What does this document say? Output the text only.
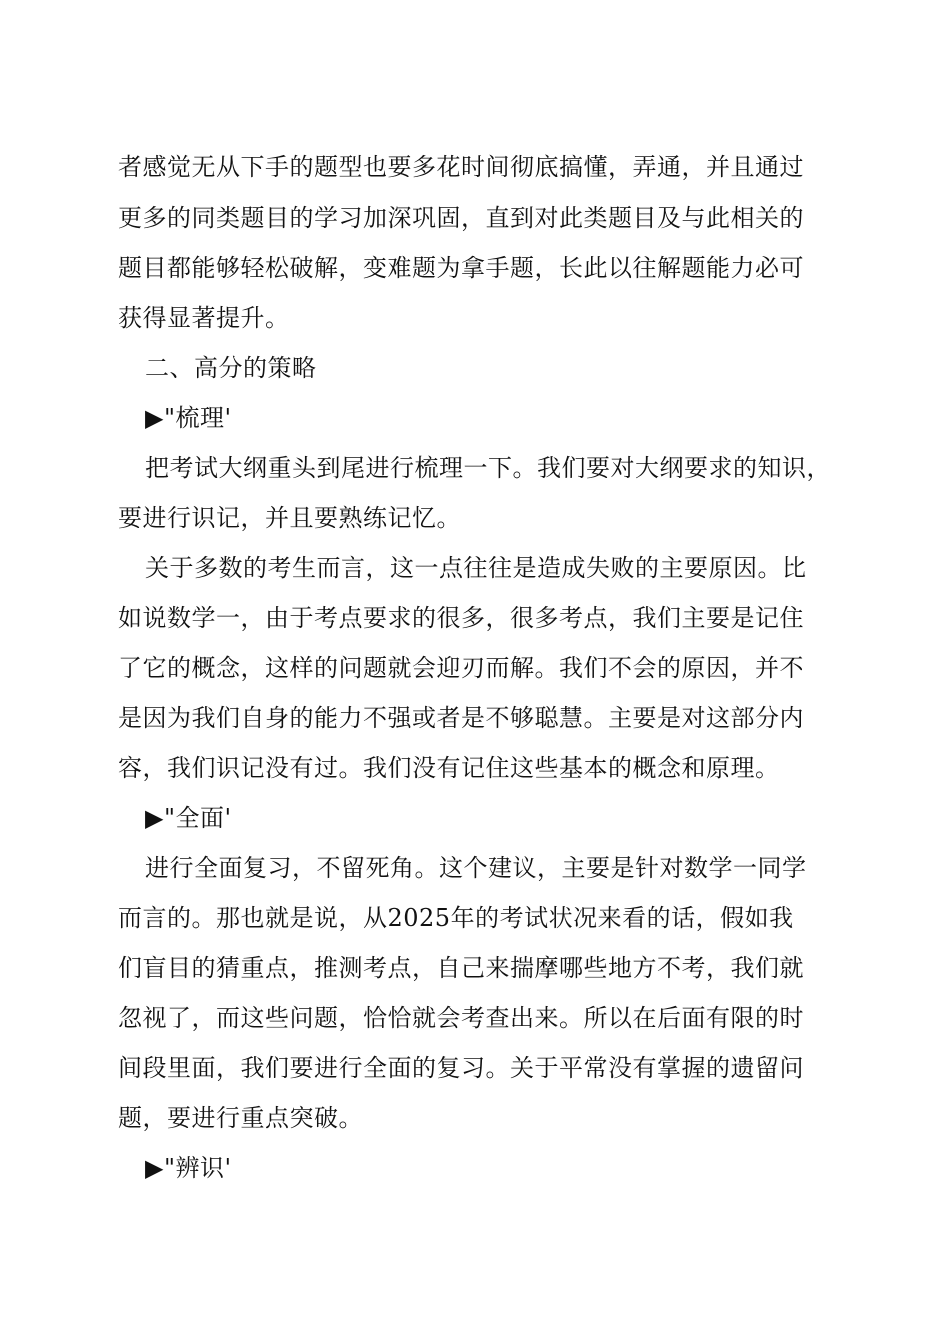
者感觉无从下手的题型也要多花时间彻底搞懂，弄通，并且通过
更多的同类题目的学习加深巩固，直到对此类题目及与此相关的
题目都能够轻松破解，变难题为拿手题，长此以往解题能力必可
获得显著提升。
二、高分的策略
▶"梳理'
把考试大纲重头到尾进行梳理一下。我们要对大纲要求的知识，
要进行识记，并且要熟练记忆。
关于多数的考生而言，这一点往往是造成失败的主要原因。比
如说数学一，由于考点要求的很多，很多考点，我们主要是记住
了它的概念，这样的问题就会迎刃而解。我们不会的原因，并不
是因为我们自身的能力不强或者是不够聪慧。主要是对这部分内
容，我们识记没有过。我们没有记住这些基本的概念和原理。
▶"全面'
进行全面复习，不留死角。这个建议，主要是针对数学一同学
而言的。那也就是说，从2025年的考试状况来看的话，假如我
们盲目的猜重点，推测考点，自己来揣摩哪些地方不考，我们就
忽视了，而这些问题，恰恰就会考查出来。所以在后面有限的时
间段里面，我们要进行全面的复习。关于平常没有掌握的遗留问
题，要进行重点突破。
▶"辨识'
